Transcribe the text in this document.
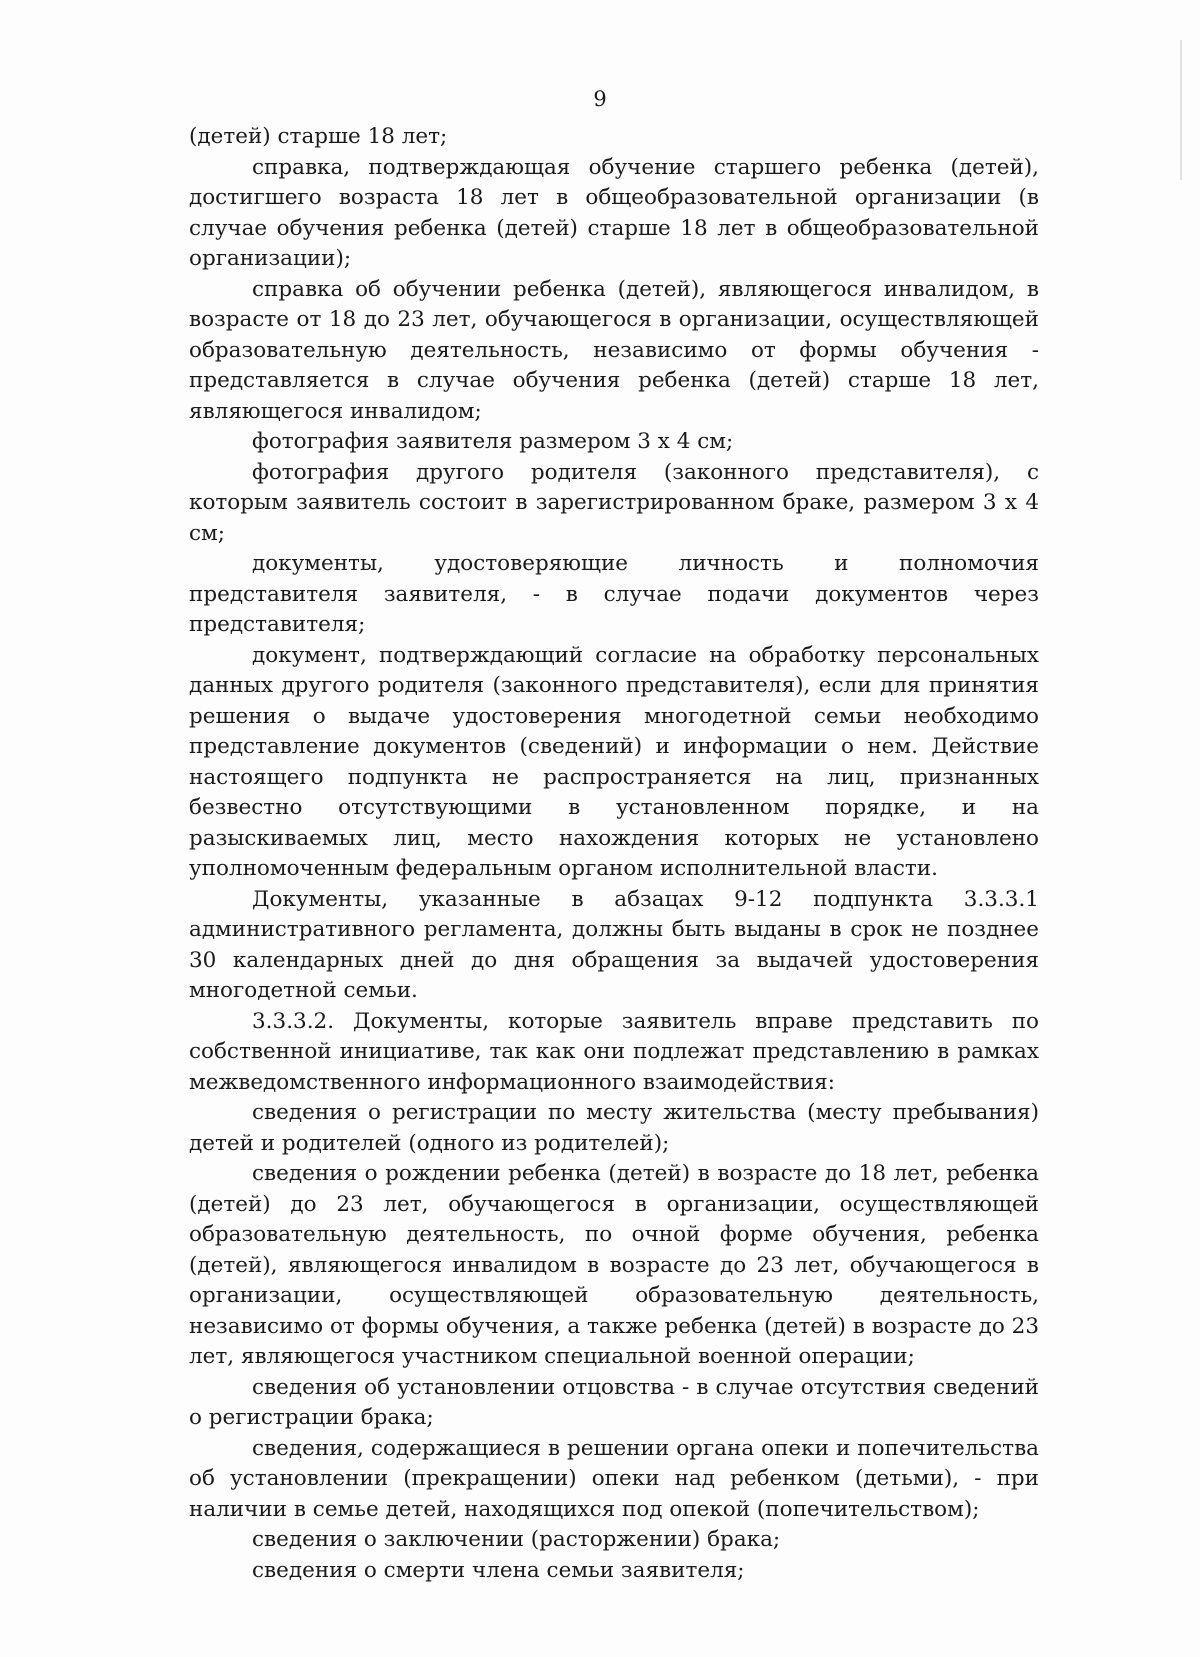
9

(детей) старше 18 лет;

справка, подтверждающая обучение старшего ребенка (детей), достигшего возраста 18 лет в общеобразовательной организации (в случае обучения ребенка (детей) старше 18 лет в общеобразовательной организации);

справка об обучении ребенка (детей), являющегося инвалидом, в возрасте от 18 до 23 лет, обучающегося в организации, осуществляющей образовательную деятельность, независимо от формы обучения - представляется в случае обучения ребенка (детей) старше 18 лет, являющегося инвалидом;

фотография заявителя размером 3 х 4 см;

фотография другого родителя (законного представителя), с которым заявитель состоит в зарегистрированном браке, размером 3 х 4 см;

документы, удостоверяющие личность и полномочия представителя заявителя, - в случае подачи документов через представителя;

документ, подтверждающий согласие на обработку персональных данных другого родителя (законного представителя), если для принятия решения о выдаче удостоверения многодетной семьи необходимо представление документов (сведений) и информации о нем. Действие настоящего подпункта не распространяется на лиц, признанных безвестно отсутствующими в установленном порядке, и на разыскиваемых лиц, место нахождения которых не установлено уполномоченным федеральным органом исполнительной власти.

Документы, указанные в абзацах 9-12 подпункта 3.3.3.1 административного регламента, должны быть выданы в срок не позднее 30 календарных дней до дня обращения за выдачей удостоверения многодетной семьи.

3.3.3.2. Документы, которые заявитель вправе представить по собственной инициативе, так как они подлежат представлению в рамках межведомственного информационного взаимодействия:

сведения о регистрации по месту жительства (месту пребывания) детей и родителей (одного из родителей);

сведения о рождении ребенка (детей) в возрасте до 18 лет, ребенка (детей) до 23 лет, обучающегося в организации, осуществляющей образовательную деятельность, по очной форме обучения, ребенка (детей), являющегося инвалидом в возрасте до 23 лет, обучающегося в организации, осуществляющей образовательную деятельность, независимо от формы обучения, а также ребенка (детей) в возрасте до 23 лет, являющегося участником специальной военной операции;

сведения об установлении отцовства - в случае отсутствия сведений о регистрации брака;

сведения, содержащиеся в решении органа опеки и попечительства об установлении (прекращении) опеки над ребенком (детьми), - при наличии в семье детей, находящихся под опекой (попечительством);

сведения о заключении (расторжении) брака;

сведения о смерти члена семьи заявителя;
